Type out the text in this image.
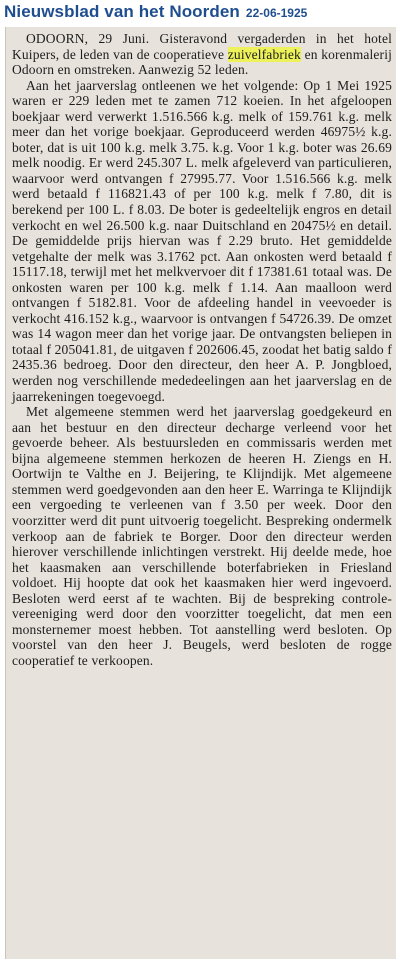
Nieuwsblad van het Noorden 22-06-1925

ODOORN, 29 Juni. Gisteravond vergaderden in het hotel Kuipers, de leden van de cooperatieve zuivelfabriek en korenmalerij Odoorn en omstreken. Aanwezig 52 leden.

Aan het jaarverslag ontleenen we het volgende: Op 1 Mei 1925 waren er 229 leden met te zamen 712 koeien. In het afgeloopen boekjaar werd verwerkt 1.516.566 k.g. melk of 159.761 k.g. melk meer dan het vorige boekjaar. Geproduceerd werden 46975½ k.g. boter, dat is uit 100 k.g. melk 3.75. k.g. Voor 1 k.g. boter was 26.69 melk noodig. Er werd 245.307 L. melk afgeleverd van particulieren, waarvoor werd ontvangen f 27995.77. Voor 1.516.566 k.g. melk werd betaald f 116821.43 of per 100 k.g. melk f 7.80, dit is berekend per 100 L. f 8.03. De boter is gedeeltelijk engros en detail verkocht en wel 26.500 k.g. naar Duitschland en 20475½ en detail. De gemiddelde prijs hiervan was f 2.29 bruto. Het gemiddelde vetgehalte der melk was 3.1762 pct. Aan onkosten werd betaald f 15117.18, terwijl met het melkvervoer dit f 17381.61 totaal was. De onkosten waren per 100 k.g. melk f 1.14. Aan maalloon werd ontvangen f 5182.81. Voor de afdeeling handel in veevoeder is verkocht 416.152 k.g., waarvoor is ontvangen f 54726.39. De omzet was 14 wagon meer dan het vorige jaar. De ontvangsten beliepen in totaal f 205041.81, de uitgaven f 202606.45, zoodat het batig saldo f 2435.36 bedroeg. Door den directeur, den heer A. P. Jongbloed, werden nog verschillende mededeelingen aan het jaarverslag en de jaarrekeningen toegevoegd.

Met algemeene stemmen werd het jaarverslag goedgekeurd en aan het bestuur en den directeur decharge verleend voor het gevoerde beheer. Als bestuursleden en commissaris werden met bijna algemeene stemmen herkozen de heeren H. Ziengs en H. Oortwijn te Valthe en J. Beijering, te Klijndijk. Met algemeene stemmen werd goedgevonden aan den heer E. Warringa te Klijndijk een vergoeding te verleenen van f 3.50 per week. Door den voorzitter werd dit punt uitvoerig toegelicht. Bespreking ondermelk verkoop aan de fabriek te Borger. Door den directeur werden hierover verschillende inlichtingen verstrekt. Hij deelde mede, hoe het kaasmaken aan verschillende boterfabrieken in Friesland voldoet. Hij hoopte dat ook het kaasmaken hier werd ingevoerd. Besloten werd eerst af te wachten. Bij de bespreking controle-vereeniging werd door den voorzitter toegelicht, dat men een monsternemer moest hebben. Tot aanstelling werd besloten. Op voorstel van den heer J. Beugels, werd besloten de rogge cooperatief te verkoopen.
